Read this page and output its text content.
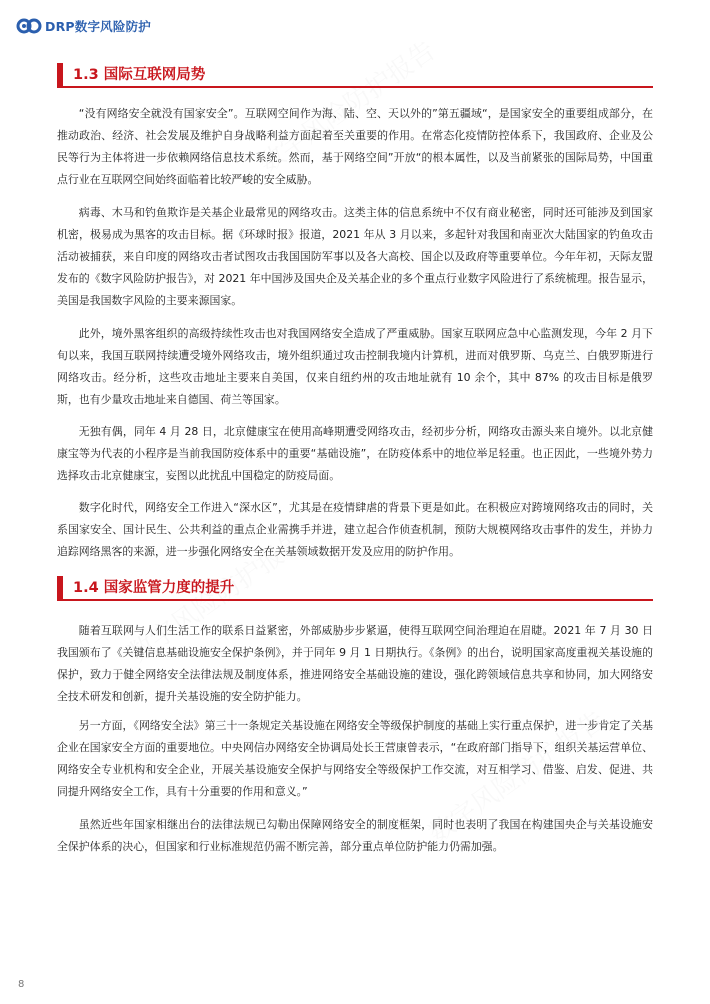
DRP数字风险防护
1.3 国际互联网局势

“没有网络安全就没有国家安全”。互联网空间作为海、陆、空、天以外的”第五疆域“，是国家安全的重要组成部分，在推动政治、经济、社会发展及维护自身战略利益方面起着至关重要的作用。在常态化疫情防控体系下，我国政府、企业及公民等行为主体将进一步依赖网络信息技术系统。然而，基于网络空间”开放“的根本属性，以及当前紧张的国际局势，中国重点行业在互联网空间始终面临着比较严峻的安全威胁。

病毒、木马和钓鱼欺诈是关基企业最常见的网络攻击。这类主体的信息系统中不仅有商业秘密，同时还可能涉及到国家机密，极易成为黑客的攻击目标。据《环球时报》报道，2021 年从 3 月以来，多起针对我国和南亚次大陆国家的钓鱼攻击活动被捕获，来自印度的网络攻击者试图攻击我国国防军事以及各大高校、国企以及政府等重要单位。今年年初，天际友盟发布的《数字风险防护报告》，对 2021 年中国涉及国央企及关基企业的多个重点行业数字风险进行了系统梳理。报告显示，美国是我国数字风险的主要来源国家。

此外，境外黑客组织的高级持续性攻击也对我国网络安全造成了严重威胁。国家互联网应急中心监测发现，今年 2 月下旬以来，我国互联网持续遭受境外网络攻击，境外组织通过攻击控制我境内计算机，进而对俄罗斯、乌克兰、白俄罗斯进行网络攻击。经分析，这些攻击地址主要来自美国，仅来自纽约州的攻击地址就有 10 余个，其中 87% 的攻击目标是俄罗斯，也有少量攻击地址来自德国、荷兰等国家。

无独有偶，同年 4 月 28 日，北京健康宝在使用高峰期遭受网络攻击，经初步分析，网络攻击源头来自境外。以北京健康宝等为代表的小程序是当前我国防疫体系中的重要“基础设施”，在防疫体系中的地位举足轻重。也正因此，一些境外势力选择攻击北京健康宝，妄图以此扰乱中国稳定的防疫局面。

数字化时代，网络安全工作进入“深水区”，尤其是在疫情肆虐的背景下更是如此。在积极应对跨境网络攻击的同时，关系国家安全、国计民生、公共利益的重点企业需携手并进，建立起合作侦查机制，预防大规模网络攻击事件的发生，并协力追踪网络黑客的来源，进一步强化网络安全在关基领域数据开发及应用的防护作用。

1.4 国家监管力度的提升

随着互联网与人们生活工作的联系日益紧密，外部威胁步步紧逼，使得互联网空间治理迫在眉睫。2021 年 7 月 30 日我国颁布了《关键信息基础设施安全保护条例》，并于同年 9 月 1 日期执行。《条例》的出台，说明国家高度重视关基设施的保护，致力于健全网络安全法律法规及制度体系，推进网络安全基础设施的建设，强化跨领域信息共享和协同，加大网络安全技术研发和创新，提升关基设施的安全防护能力。

另一方面，《网络安全法》第三十一条规定关基设施在网络安全等级保护制度的基础上实行重点保护，进一步肯定了关基企业在国家安全方面的重要地位。中央网信办网络安全协调局处长王营康曾表示，“在政府部门指导下，组织关基运营单位、网络安全专业机构和安全企业，开展关基设施安全保护与网络安全等级保护工作交流，对互相学习、借鉴、启发、促进、共同提升网络安全工作，具有十分重要的作用和意义。”

虽然近些年国家相继出台的法律法规已勾勒出保障网络安全的制度框架，同时也表明了我国在构建国央企与关基设施安全保护体系的决心，但国家和行业标准规范仍需不断完善，部分重点单位防护能力仍需加强。

8
